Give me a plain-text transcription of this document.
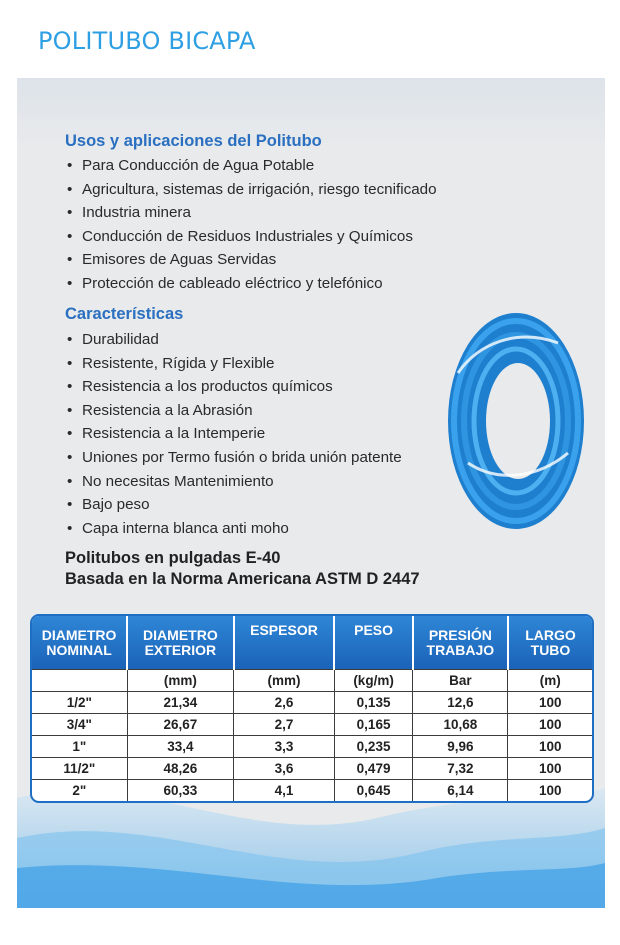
POLITUBO BICAPA
Usos y aplicaciones del Politubo
• Para Conducción de Agua Potable
• Agricultura, sistemas de irrigación, riesgo tecnificado
• Industria minera
• Conducción de Residuos Industriales y Químicos
• Emisores de Aguas Servidas
• Protección de cableado eléctrico y telefónico
Características
• Durabilidad
• Resistente, Rígida y Flexible
• Resistencia a los productos químicos
• Resistencia a la Abrasión
• Resistencia a la Intemperie
• Uniones por Termo fusión o brida unión patente
• No necesitas Mantenimiento
• Bajo peso
• Capa interna blanca anti moho
Politubos en pulgadas E-40
Basada en la Norma Americana ASTM D 2447
DIAMETRO
NOMINAL	DIAMETRO
EXTERIOR	ESPESOR	PESO	PRESIÓN
TRABAJO	LARGO
TUBO
	(mm)	(mm)	(kg/m)	Bar	(m)
1/2"	21,34	2,6	0,135	12,6	100
3/4"	26,67	2,7	0,165	10,68	100
1"	33,4	3,3	0,235	9,96	100
11/2"	48,26	3,6	0,479	7,32	100
2"	60,33	4,1	0,645	6,14	100
